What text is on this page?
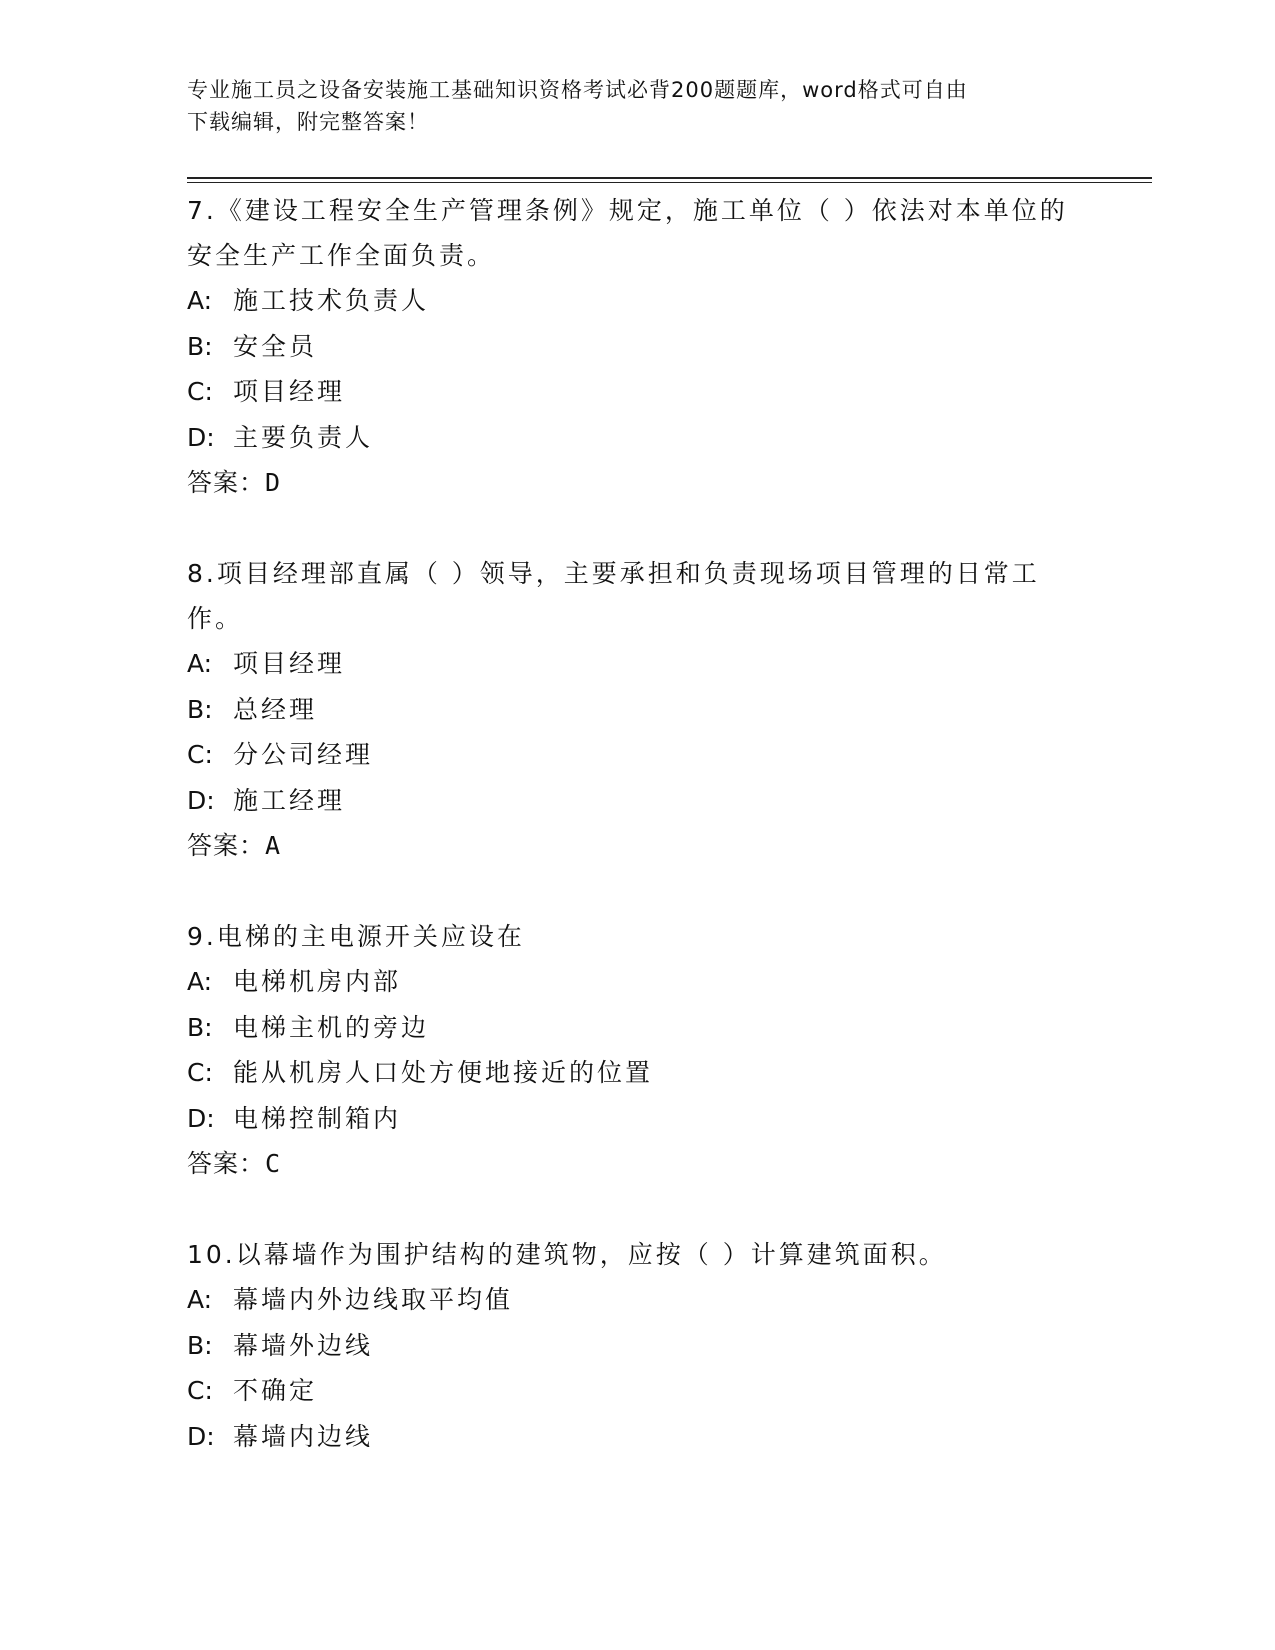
专业施工员之设备安装施工基础知识资格考试必背200题题库，word格式可自由
下载编辑，附完整答案！

7.《建设工程安全生产管理条例》规定，施工单位（ ）依法对本单位的安全生产工作全面负责。

A: 施工技术负责人

B: 安全员

C: 项目经理

D: 主要负责人

答案：D

8.项目经理部直属（ ）领导，主要承担和负责现场项目管理的日常工作。

A: 项目经理

B: 总经理

C: 分公司经理

D: 施工经理

答案：A

9.电梯的主电源开关应设在

A: 电梯机房内部

B: 电梯主机的旁边

C: 能从机房人口处方便地接近的位置

D: 电梯控制箱内

答案：C

10.以幕墙作为围护结构的建筑物，应按（ ）计算建筑面积。

A: 幕墙内外边线取平均值

B: 幕墙外边线

C: 不确定

D: 幕墙内边线
